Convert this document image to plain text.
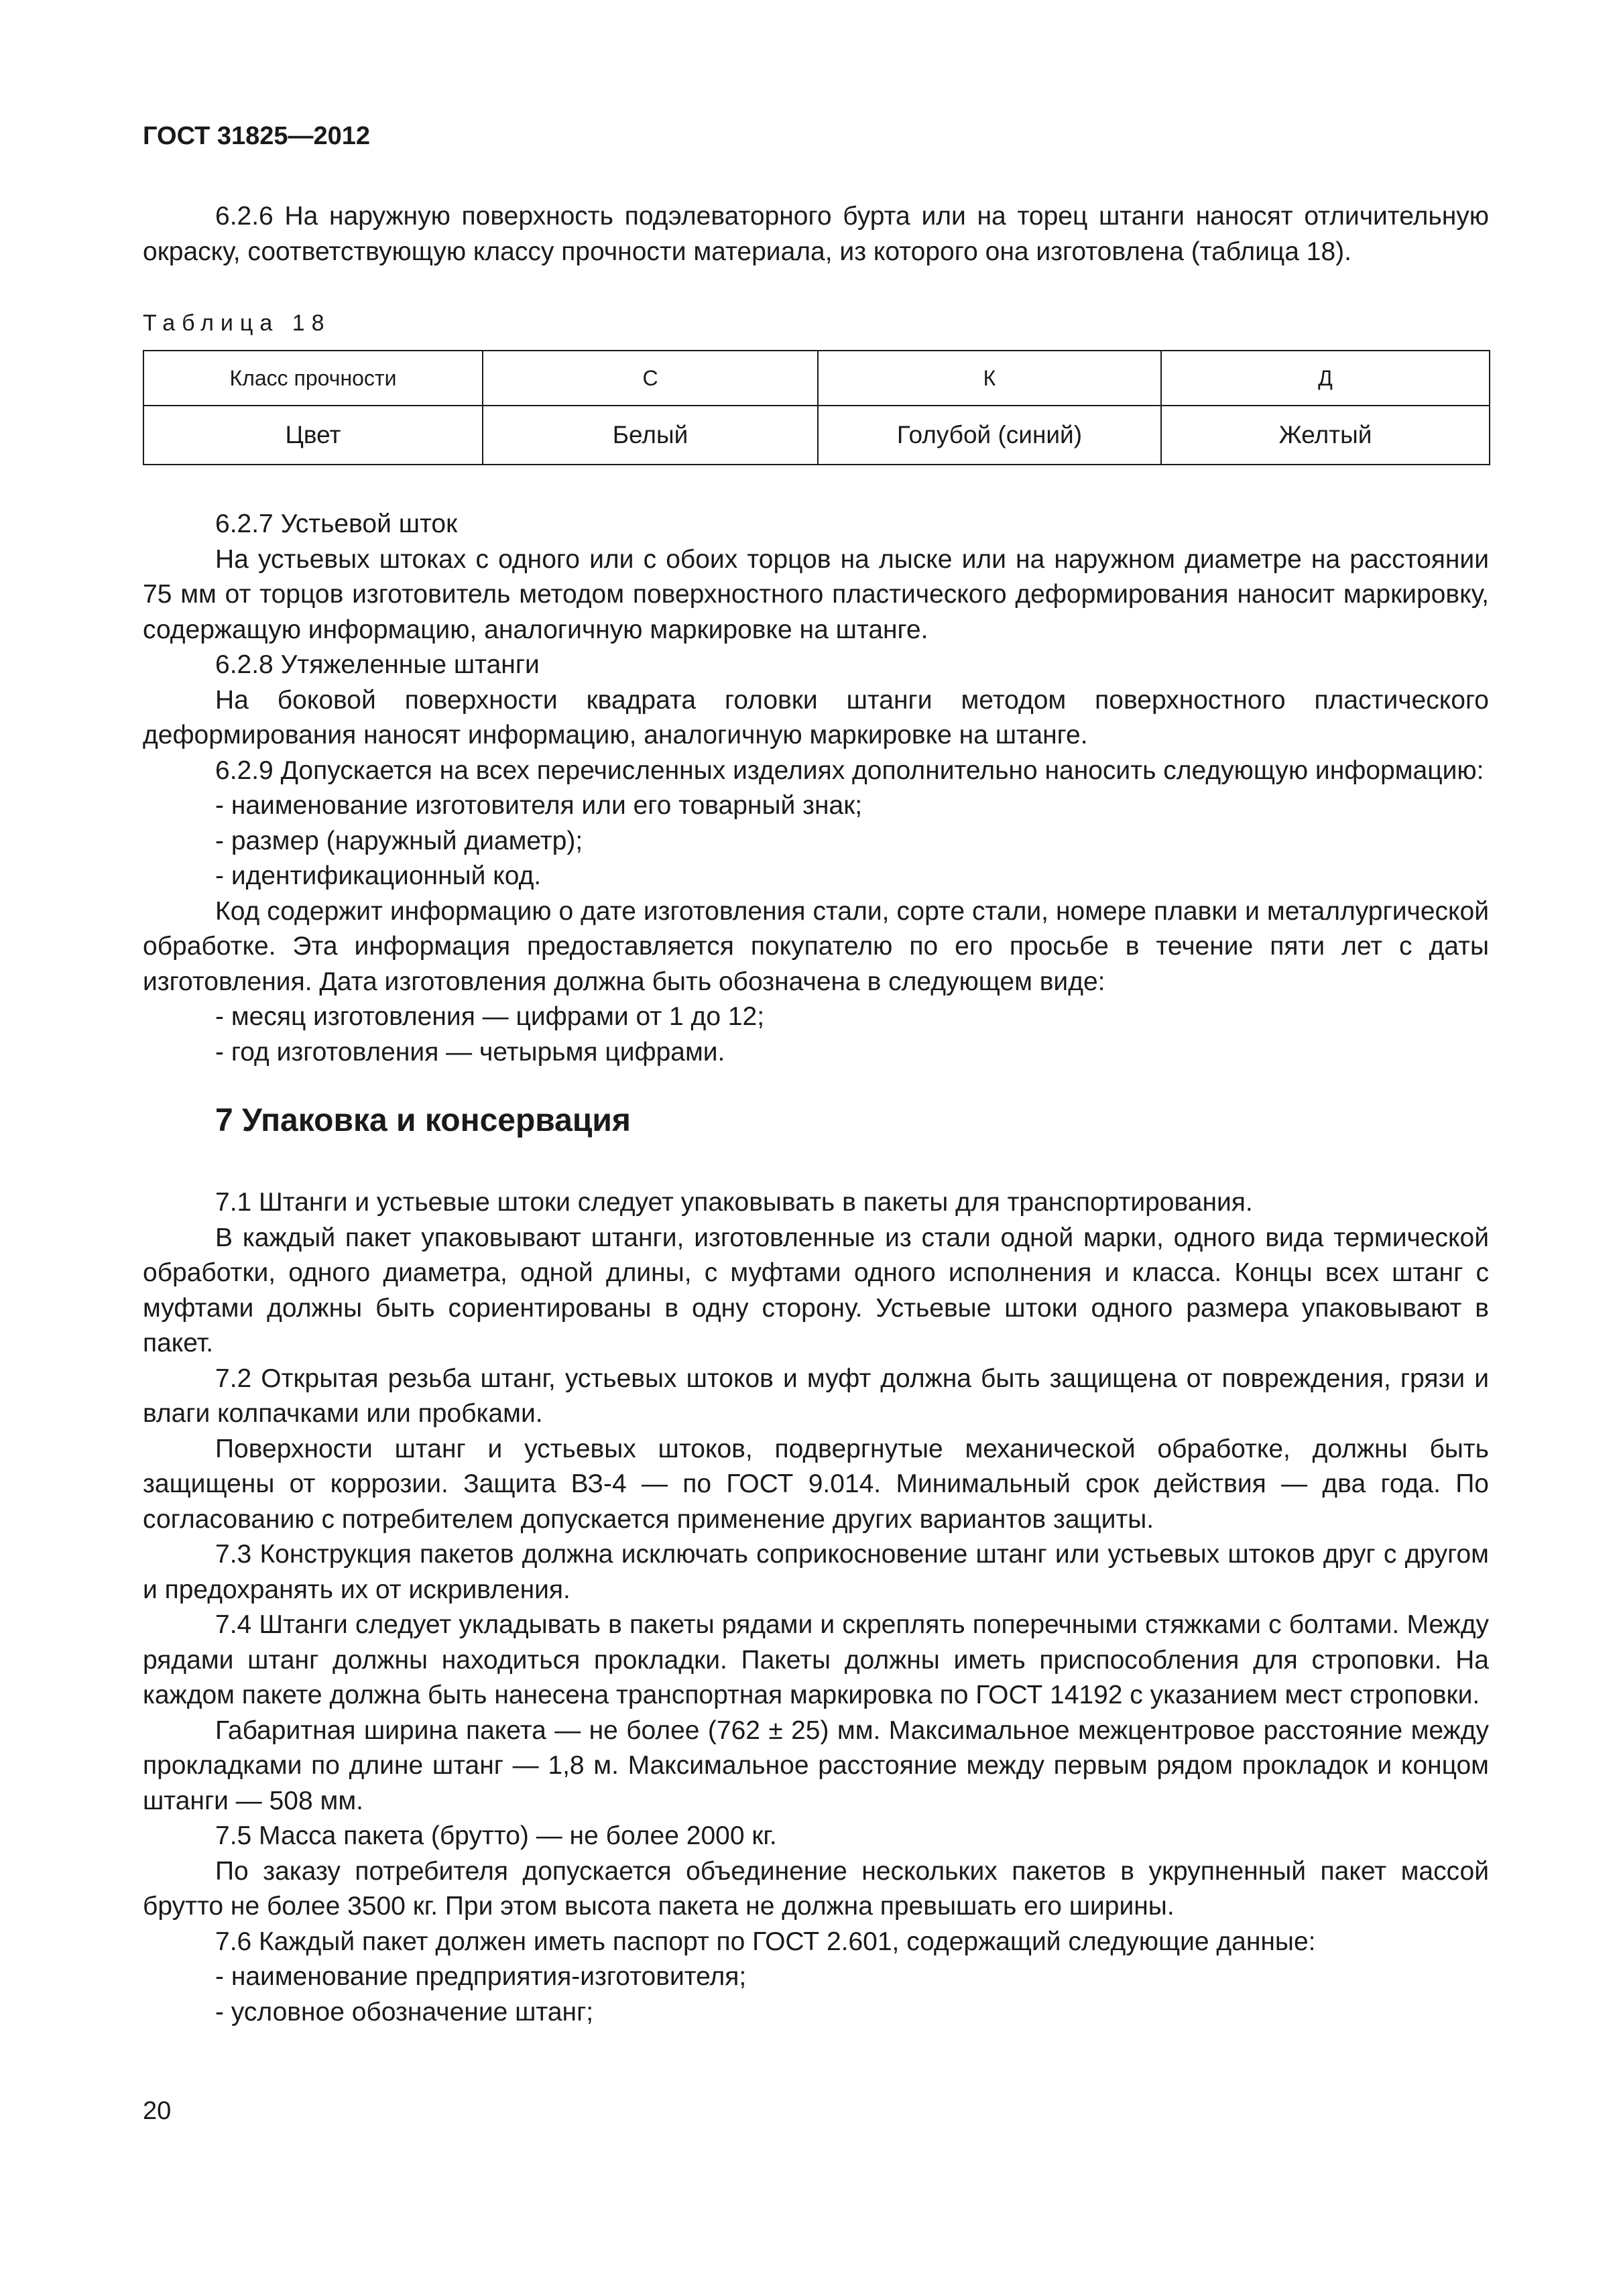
ГОСТ 31825—2012

6.2.6 На наружную поверхность подэлеваторного бурта или на торец штанги наносят отличительную окраску, соответствующую классу прочности материала, из которого она изготовлена (таблица 18).

Таблица 18
Класс прочности	С	К	Д
Цвет	Белый	Голубой (синий)	Желтый

6.2.7 Устьевой шток

На устьевых штоках с одного или с обоих торцов на лыске или на наружном диаметре на расстоянии 75 мм от торцов изготовитель методом поверхностного пластического деформирования наносит маркировку, содержащую информацию, аналогичную маркировке на штанге.

6.2.8 Утяжеленные штанги

На боковой поверхности квадрата головки штанги методом поверхностного пластического деформирования наносят информацию, аналогичную маркировке на штанге.

6.2.9 Допускается на всех перечисленных изделиях дополнительно наносить следующую информацию:

- наименование изготовителя или его товарный знак;

- размер (наружный диаметр);

- идентификационный код.

Код содержит информацию о дате изготовления стали, сорте стали, номере плавки и металлургической обработке. Эта информация предоставляется покупателю по его просьбе в течение пяти лет с даты изготовления. Дата изготовления должна быть обозначена в следующем виде:

- месяц изготовления — цифрами от 1 до 12;

- год изготовления — четырьмя цифрами.

7 Упаковка и консервация

7.1 Штанги и устьевые штоки следует упаковывать в пакеты для транспортирования.

В каждый пакет упаковывают штанги, изготовленные из стали одной марки, одного вида термической обработки, одного диаметра, одной длины, с муфтами одного исполнения и класса. Концы всех штанг с муфтами должны быть сориентированы в одну сторону. Устьевые штоки одного размера упаковывают в пакет.

7.2 Открытая резьба штанг, устьевых штоков и муфт должна быть защищена от повреждения, грязи и влаги колпачками или пробками.

Поверхности штанг и устьевых штоков, подвергнутые механической обработке, должны быть защищены от коррозии. Защита ВЗ-4 — по ГОСТ 9.014. Минимальный срок действия — два года. По согласованию с потребителем допускается применение других вариантов защиты.

7.3 Конструкция пакетов должна исключать соприкосновение штанг или устьевых штоков друг с другом и предохранять их от искривления.

7.4 Штанги следует укладывать в пакеты рядами и скреплять поперечными стяжками с болтами. Между рядами штанг должны находиться прокладки. Пакеты должны иметь приспособления для строповки. На каждом пакете должна быть нанесена транспортная маркировка по ГОСТ 14192 с указанием мест строповки.

Габаритная ширина пакета — не более (762 ± 25) мм. Максимальное межцентровое расстояние между прокладками по длине штанг — 1,8 м. Максимальное расстояние между первым рядом прокладок и концом штанги — 508 мм.

7.5 Масса пакета (брутто) — не более 2000 кг.

По заказу потребителя допускается объединение нескольких пакетов в укрупненный пакет массой брутто не более 3500 кг. При этом высота пакета не должна превышать его ширины.

7.6 Каждый пакет должен иметь паспорт по ГОСТ 2.601, содержащий следующие данные:

- наименование предприятия-изготовителя;

- условное обозначение штанг;

20
